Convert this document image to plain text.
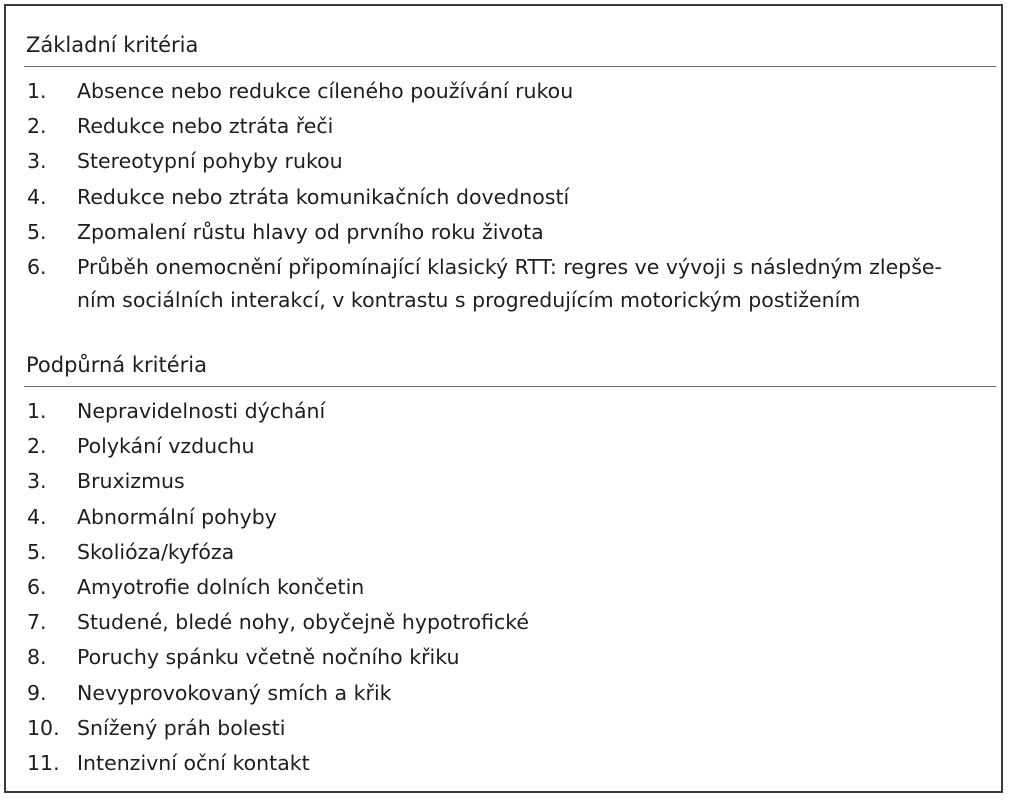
Základní kritéria
1.	Absence nebo redukce cíleného používání rukou
2.	Redukce nebo ztráta řeči
3.	Stereotypní pohyby rukou
4.	Redukce nebo ztráta komunikačních dovedností
5.	Zpomalení růstu hlavy od prvního roku života
6.	Průběh onemocnění připomínající klasický RTT: regres ve vývoji s následným zlepše-
ním sociálních interakcí, v kontrastu s progredujícím motorickým postižením
Podpůrná kritéria
1.	Nepravidelnosti dýchání
2.	Polykání vzduchu
3.	Bruxizmus
4.	Abnormální pohyby
5.	Skolióza/kyfóza
6.	Amyotrofie dolních končetin
7.	Studené, bledé nohy, obyčejně hypotrofické
8.	Poruchy spánku včetně nočního křiku
9.	Nevyprovokovaný smích a křik
10. Snížený práh bolesti
11. Intenzivní oční kontakt
